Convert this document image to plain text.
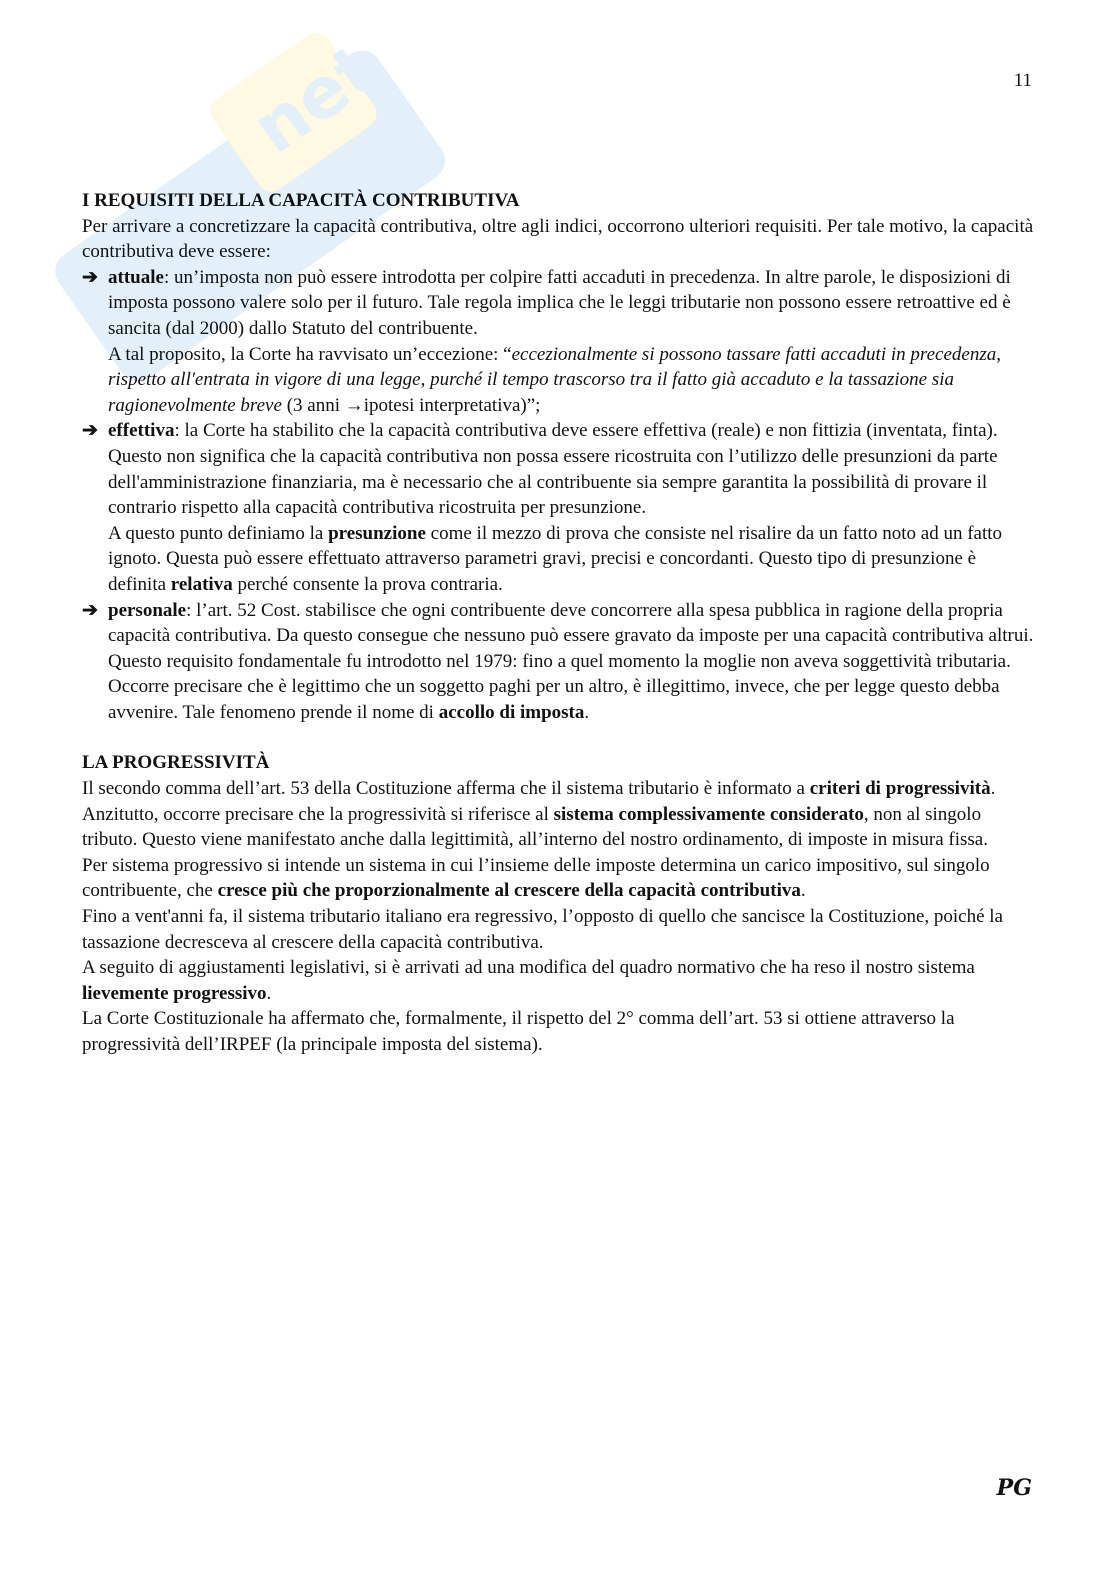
net	11

I REQUISITI DELLA CAPACITÀ CONTRIBUTIVA

Per arrivare a concretizzare la capacità contributiva, oltre agli indici, occorrono ulteriori requisiti. Per tale motivo, la capacità contributiva deve essere:

➔ attuale: un’imposta non può essere introdotta per colpire fatti accaduti in precedenza. In altre parole, le disposizioni di imposta possono valere solo per il futuro. Tale regola implica che le leggi tributarie non possono essere retroattive ed è sancita (dal 2000) dallo Statuto del contribuente.

A tal proposito, la Corte ha ravvisato un’eccezione: “eccezionalmente si possono tassare fatti accaduti in precedenza, rispetto all'entrata in vigore di una legge, purché il tempo trascorso tra il fatto già accaduto e la tassazione sia ragionevolmente breve (3 anni →ipotesi interpretativa)”;

➔ effettiva: la Corte ha stabilito che la capacità contributiva deve essere effettiva (reale) e non fittizia (inventata, finta). Questo non significa che la capacità contributiva non possa essere ricostruita con l’utilizzo delle presunzioni da parte dell'amministrazione finanziaria, ma è necessario che al contribuente sia sempre garantita la possibilità di provare il contrario rispetto alla capacità contributiva ricostruita per presunzione.

A questo punto definiamo la presunzione come il mezzo di prova che consiste nel risalire da un fatto noto ad un fatto ignoto. Questa può essere effettuato attraverso parametri gravi, precisi e concordanti. Questo tipo di presunzione è definita relativa perché consente la prova contraria.

➔ personale: l’art. 52 Cost. stabilisce che ogni contribuente deve concorrere alla spesa pubblica in ragione della propria capacità contributiva. Da questo consegue che nessuno può essere gravato da imposte per una capacità contributiva altrui.

Questo requisito fondamentale fu introdotto nel 1979: fino a quel momento la moglie non aveva soggettività tributaria.

Occorre precisare che è legittimo che un soggetto paghi per un altro, è illegittimo, invece, che per legge questo debba avvenire. Tale fenomeno prende il nome di accollo di imposta.

LA PROGRESSIVITÀ

Il secondo comma dell’art. 53 della Costituzione afferma che il sistema tributario è informato a criteri di progressività.

Anzitutto, occorre precisare che la progressività si riferisce al sistema complessivamente considerato, non al singolo tributo. Questo viene manifestato anche dalla legittimità, all’interno del nostro ordinamento, di imposte in misura fissa.

Per sistema progressivo si intende un sistema in cui l’insieme delle imposte determina un carico impositivo, sul singolo contribuente, che cresce più che proporzionalmente al crescere della capacità contributiva.

Fino a vent'anni fa, il sistema tributario italiano era regressivo, l’opposto di quello che sancisce la Costituzione, poiché la tassazione decresceva al crescere della capacità contributiva.

A seguito di aggiustamenti legislativi, si è arrivati ad una modifica del quadro normativo che ha reso il nostro sistema lievemente progressivo.

La Corte Costituzionale ha affermato che, formalmente, il rispetto del 2° comma dell’art. 53 si ottiene attraverso la progressività dell’IRPEF (la principale imposta del sistema).

PG
